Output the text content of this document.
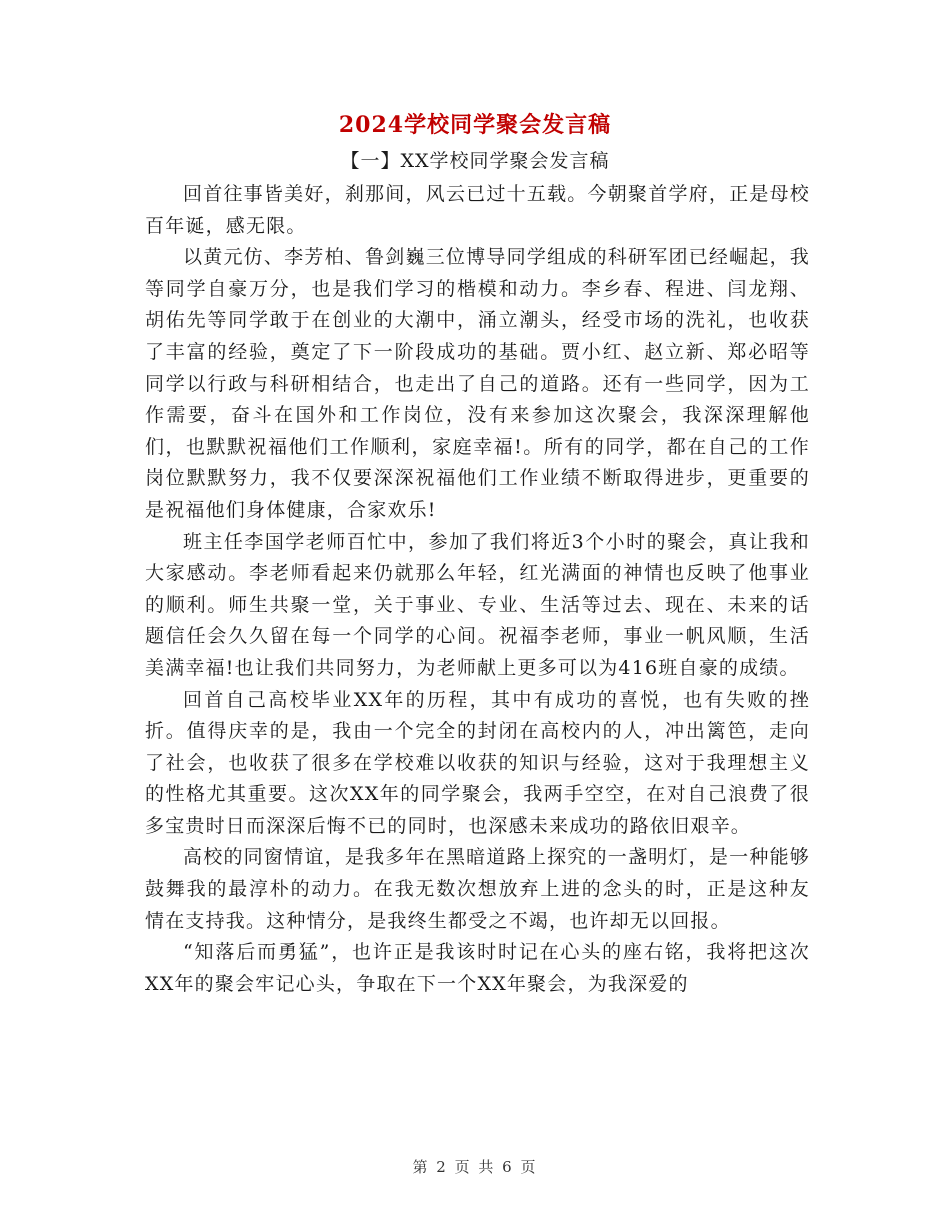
2024学校同学聚会发言稿
【一】XX学校同学聚会发言稿

回首往事皆美好，刹那间，风云已过十五载。今朝聚首学府，正是母校百年诞，感无限。

以黄元仿、李芳柏、鲁剑巍三位博导同学组成的科研军团已经崛起，我等同学自豪万分，也是我们学习的楷模和动力。李乡春、程进、闫龙翔、胡佑先等同学敢于在创业的大潮中，涌立潮头，经受市场的洗礼，也收获了丰富的经验，奠定了下一阶段成功的基础。贾小红、赵立新、郑必昭等同学以行政与科研相结合，也走出了自己的道路。还有一些同学，因为工作需要，奋斗在国外和工作岗位，没有来参加这次聚会，我深深理解他们，也默默祝福他们工作顺利，家庭幸福!。所有的同学，都在自己的工作岗位默默努力，我不仅要深深祝福他们工作业绩不断取得进步，更重要的是祝福他们身体健康，合家欢乐!

班主任李国学老师百忙中，参加了我们将近3个小时的聚会，真让我和大家感动。李老师看起来仍就那么年轻，红光满面的神情也反映了他事业的顺利。师生共聚一堂，关于事业、专业、生活等过去、现在、未来的话题信任会久久留在每一个同学的心间。祝福李老师，事业一帆风顺，生活美满幸福!也让我们共同努力，为老师献上更多可以为416班自豪的成绩。

回首自己高校毕业XX年的历程，其中有成功的喜悦，也有失败的挫折。值得庆幸的是，我由一个完全的封闭在高校内的人，冲出篱笆，走向了社会，也收获了很多在学校难以收获的知识与经验，这对于我理想主义的性格尤其重要。这次XX年的同学聚会，我两手空空，在对自己浪费了很多宝贵时日而深深后悔不已的同时，也深感未来成功的路依旧艰辛。

高校的同窗情谊，是我多年在黑暗道路上探究的一盏明灯，是一种能够鼓舞我的最淳朴的动力。在我无数次想放弃上进的念头的时，正是这种友情在支持我。这种情分，是我终生都受之不竭，也许却无以回报。

“知落后而勇猛”，也许正是我该时时记在心头的座右铭，我将把这次XX年的聚会牢记心头，争取在下一个XX年聚会，为我深爱的

第 2 页 共 6 页
